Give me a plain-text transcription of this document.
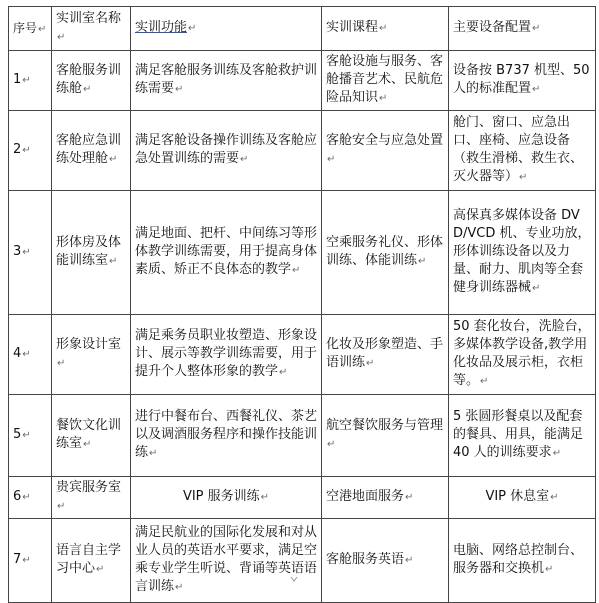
序号↵	实训室名称↵	实训功能↵	实训课程↵	主要设备配置↵
1↵	客舱服务训练舱↵	满足客舱服务训练及客舱救护训练需要↵	客舱设施与服务、客舱播音艺术、民航危险品知识↵	设备按 B737 机型、50 人的标准配置↵
2↵	客舱应急训练处理舱↵	满足客舱设备操作训练及客舱应急处置训练的需要↵	客舱安全与应急处置↵	舱门、窗口、应急出口、座椅、应急设备（救生滑梯、救生衣、灭火器等）↵
3↵	形体房及体能训练室↵	满足地面、把杆、中间练习等形体教学训练需要，用于提高身体素质、矫正不良体态的教学↵	空乘服务礼仪、形体训练、体能训练↵	高保真多媒体设备 DVD/VCD 机、专业功放，形体训练设备以及力量、耐力、肌肉等全套健身训练器械↵
4↵	形象设计室↵	满足乘务员职业妆塑造、形象设计、展示等教学训练需要，用于提升个人整体形象的教学↵	化妆及形象塑造、手语训练↵	50 套化妆台，洗脸台，多媒体教学设备,教学用化妆品及展示柜，衣柜等。↵
5↵	餐饮文化训练室↵	进行中餐布台、西餐礼仪、茶艺以及调酒服务程序和操作技能训练↵	航空餐饮服务与管理↵	5 张圆形餐桌以及配套的餐具、用具，能满足 40 人的训练要求↵
6↵	贵宾服务室↵	VIP 服务训练↵	空港地面服务↵	VIP 休息室↵
7↵	语言自主学习中心↵	满足民航业的国际化发展和对从业人员的英语水平要求，满足空乘专业学生听说、背诵等英语语言训练↵	客舱服务英语↵	电脑、网络总控制台、服务器和交换机↵
